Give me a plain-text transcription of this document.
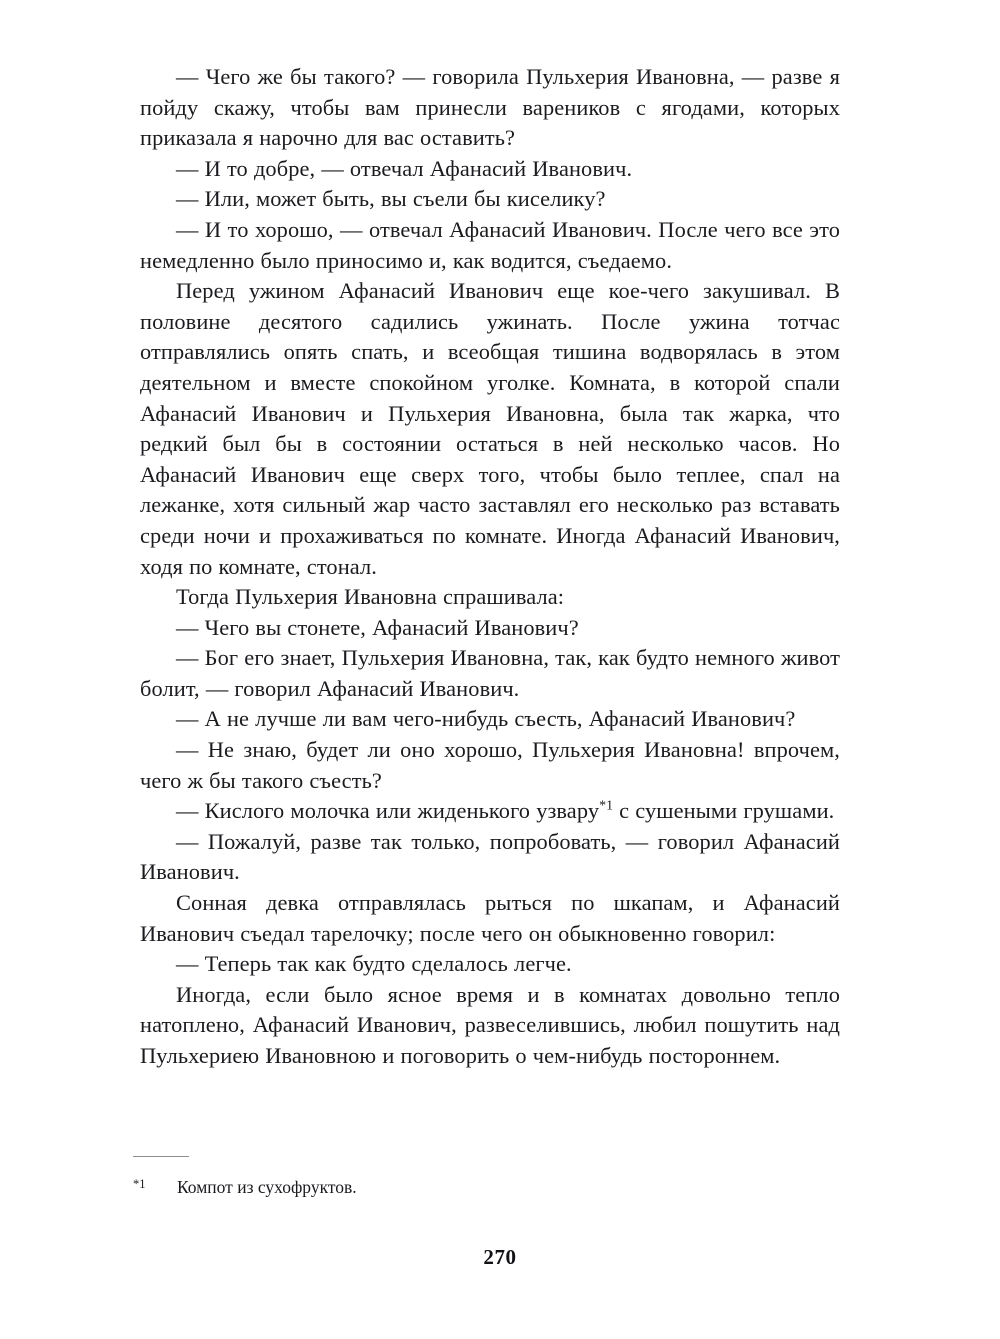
— Чего же бы такого? — говорила Пульхерия Ивановна, — разве я пойду скажу, чтобы вам принесли вареников с ягодами, которых приказала я нарочно для вас оставить?

— И то добре, — отвечал Афанасий Иванович.

— Или, может быть, вы съели бы киселику?

— И то хорошо, — отвечал Афанасий Иванович. После чего все это немедленно было приносимо и, как водится, съедаемо.

Перед ужином Афанасий Иванович еще кое-чего закушивал. В половине десятого садились ужинать. После ужина тотчас отправлялись опять спать, и всеобщая тишина водворялась в этом деятельном и вместе спокойном уголке. Комната, в которой спали Афанасий Иванович и Пульхерия Ивановна, была так жарка, что редкий был бы в состоянии остаться в ней несколько часов. Но Афанасий Иванович еще сверх того, чтобы было теплее, спал на лежанке, хотя сильный жар часто заставлял его несколько раз вставать среди ночи и прохаживаться по комнате. Иногда Афанасий Иванович, ходя по комнате, стонал.

Тогда Пульхерия Ивановна спрашивала:

— Чего вы стонете, Афанасий Иванович?

— Бог его знает, Пульхерия Ивановна, так, как будто немного живот болит, — говорил Афанасий Иванович.

— А не лучше ли вам чего-нибудь съесть, Афанасий Иванович?

— Не знаю, будет ли оно хорошо, Пульхерия Ивановна! впрочем, чего ж бы такого съесть?

— Кислого молочка или жиденького узвару$^{*1}$ с сушеными грушами.

— Пожалуй, разве так только, попробовать, — говорил Афанасий Иванович.

Сонная девка отправлялась рыться по шкапам, и Афанасий Иванович съедал тарелочку; после чего он обыкновенно говорил:

— Теперь так как будто сделалось легче.

Иногда, если было ясное время и в комнатах довольно тепло натоплено, Афанасий Иванович, развеселившись, любил пошутить над Пульхериею Ивановною и поговорить о чем-нибудь постороннем.

*1	Компот из сухофруктов.
270
